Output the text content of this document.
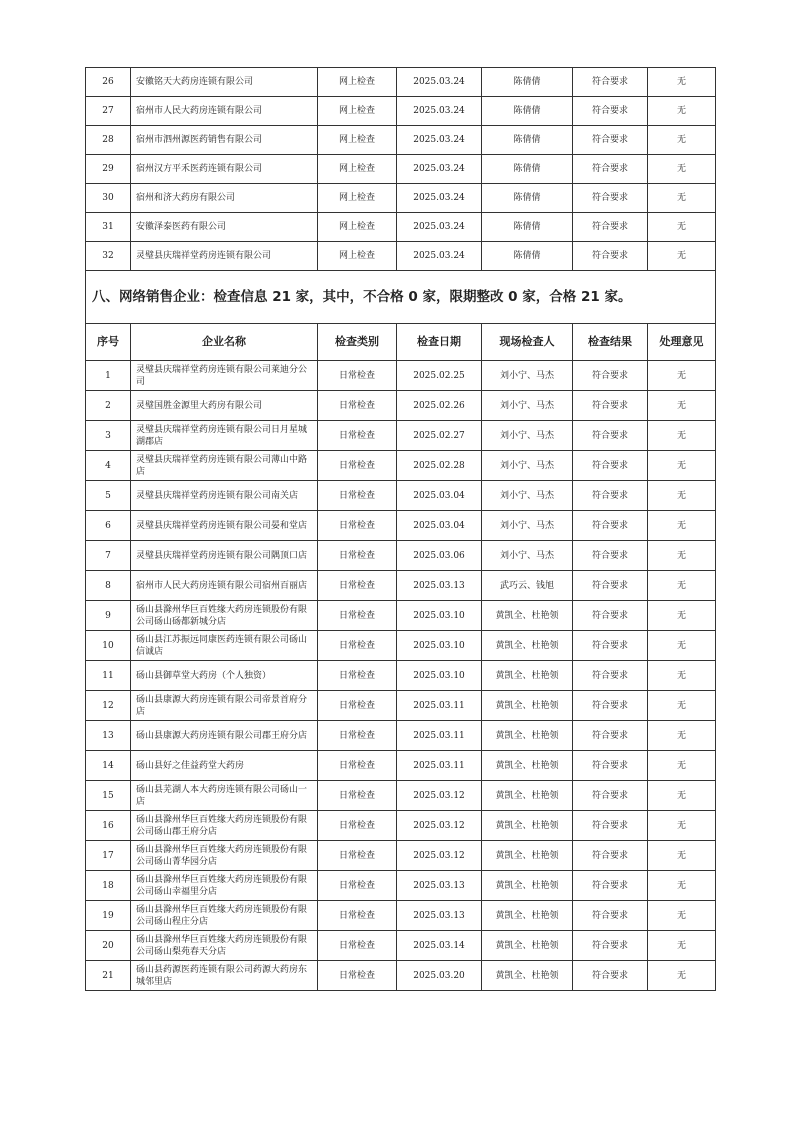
26	安徽铭天大药房连锁有限公司	网上检查	2025.03.24	陈倩倩	符合要求	无
27	宿州市人民大药房连锁有限公司	网上检查	2025.03.24	陈倩倩	符合要求	无
28	宿州市泗州源医药销售有限公司	网上检查	2025.03.24	陈倩倩	符合要求	无
29	宿州汉方平禾医药连锁有限公司	网上检查	2025.03.24	陈倩倩	符合要求	无
30	宿州和济大药房有限公司	网上检查	2025.03.24	陈倩倩	符合要求	无
31	安徽泽泰医药有限公司	网上检查	2025.03.24	陈倩倩	符合要求	无
32	灵璧县庆瑞祥堂药房连锁有限公司	网上检查	2025.03.24	陈倩倩	符合要求	无
八、网络销售企业：检查信息 21 家，其中，不合格 0 家，限期整改 0 家，合格 21 家。						
序号	企业名称	检查类别	检查日期	现场检查人	检查结果	处理意见
1	灵璧县庆瑞祥堂药房连锁有限公司莱迪分公司	日常检查	2025.02.25	刘小宁、马杰	符合要求	无
2	灵璧国胜金源里大药房有限公司	日常检查	2025.02.26	刘小宁、马杰	符合要求	无
3	灵璧县庆瑞祥堂药房连锁有限公司日月星城湖郡店	日常检查	2025.02.27	刘小宁、马杰	符合要求	无
4	灵璧县庆瑞祥堂药房连锁有限公司薄山中路店	日常检查	2025.02.28	刘小宁、马杰	符合要求	无
5	灵璧县庆瑞祥堂药房连锁有限公司南关店	日常检查	2025.03.04	刘小宁、马杰	符合要求	无
6	灵璧县庆瑞祥堂药房连锁有限公司晏和堂店	日常检查	2025.03.04	刘小宁、马杰	符合要求	无
7	灵璧县庆瑞祥堂药房连锁有限公司隅顶口店	日常检查	2025.03.06	刘小宁、马杰	符合要求	无
8	宿州市人民大药房连锁有限公司宿州百丽店	日常检查	2025.03.13	武巧云、钱旭	符合要求	无
9	砀山县滁州华巨百姓缘大药房连锁股份有限公司砀山砀都新城分店	日常检查	2025.03.10	黄凯全、杜艳领	符合要求	无
10	砀山县江苏振远同康医药连锁有限公司砀山信诚店	日常检查	2025.03.10	黄凯全、杜艳领	符合要求	无
11	砀山县御草堂大药房（个人独资）	日常检查	2025.03.10	黄凯全、杜艳领	符合要求	无
12	砀山县康源大药房连锁有限公司帝景首府分店	日常检查	2025.03.11	黄凯全、杜艳领	符合要求	无
13	砀山县康源大药房连锁有限公司郡王府分店	日常检查	2025.03.11	黄凯全、杜艳领	符合要求	无
14	砀山县好之佳益药堂大药房	日常检查	2025.03.11	黄凯全、杜艳领	符合要求	无
15	砀山县芜湖人本大药房连锁有限公司砀山一店	日常检查	2025.03.12	黄凯全、杜艳领	符合要求	无
16	砀山县滁州华巨百姓缘大药房连锁股份有限公司砀山郡王府分店	日常检查	2025.03.12	黄凯全、杜艳领	符合要求	无
17	砀山县滁州华巨百姓缘大药房连锁股份有限公司砀山菁华园分店	日常检查	2025.03.12	黄凯全、杜艳领	符合要求	无
18	砀山县滁州华巨百姓缘大药房连锁股份有限公司砀山幸福里分店	日常检查	2025.03.13	黄凯全、杜艳领	符合要求	无
19	砀山县滁州华巨百姓缘大药房连锁股份有限公司砀山程庄分店	日常检查	2025.03.13	黄凯全、杜艳领	符合要求	无
20	砀山县滁州华巨百姓缘大药房连锁股份有限公司砀山梨苑春天分店	日常检查	2025.03.14	黄凯全、杜艳领	符合要求	无
21	砀山县药源医药连锁有限公司药源大药房东城邻里店	日常检查	2025.03.20	黄凯全、杜艳领	符合要求	无
